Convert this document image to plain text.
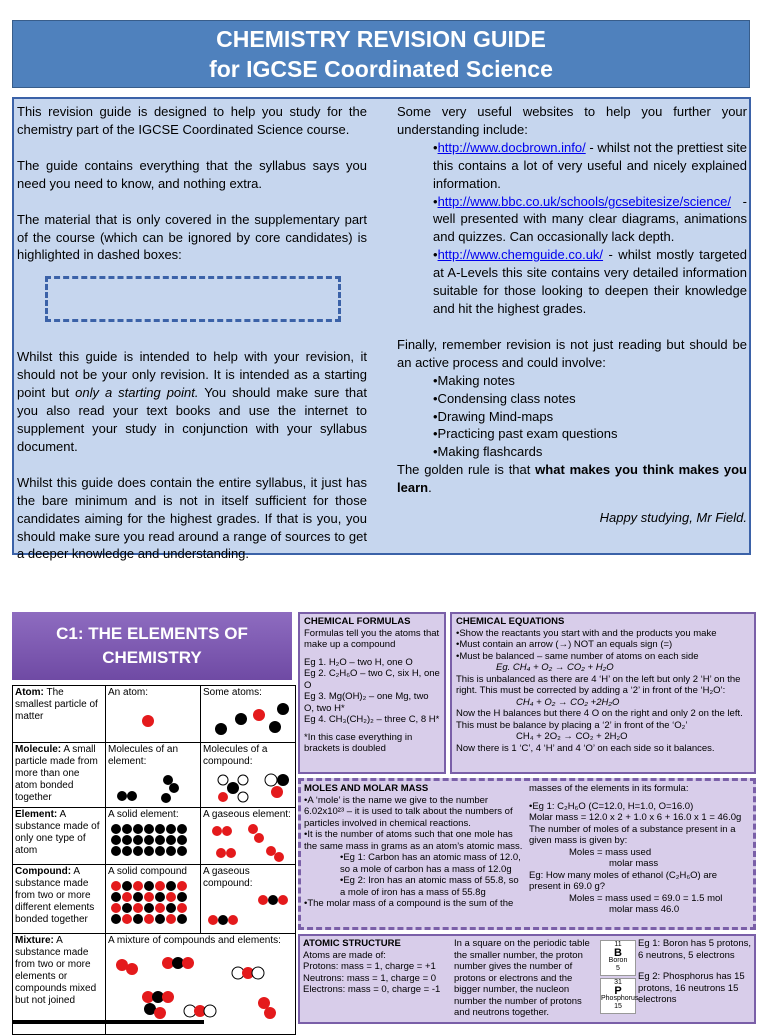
CHEMISTRY REVISION GUIDE
for IGCSE Coordinated Science

This revision guide is designed to help you study for the chemistry part of the IGCSE Coordinated Science course.

The guide contains everything that the syllabus says you need you need to know, and nothing extra.

The material that is only covered in the supplementary part of the course (which can be ignored by core candidates) is highlighted in dashed boxes:

Whilst this guide is intended to help with your revision, it should not be your only revision. It is intended as a starting point but only a starting point. You should make sure that you also read your text books and use the internet to supplement your study in conjunction with your syllabus document.

Whilst this guide does contain the entire syllabus, it just has the bare minimum and is not in itself sufficient for those candidates aiming for the highest grades. If that is you, you should make sure you read around a range of sources to get a deeper knowledge and understanding.

Some very useful websites to help you further your understanding include:

•http://www.docbrown.info/ - whilst not the prettiest site this contains a lot of very useful and nicely explained information.
•http://www.bbc.co.uk/schools/gcsebitesize/science/ - well presented with many clear diagrams, animations and quizzes. Can occasionally lack depth.
•http://www.chemguide.co.uk/ - whilst mostly targeted at A-Levels this site contains very detailed information suitable for those looking to deepen their knowledge and hit the highest grades.

Finally, remember revision is not just reading but should be an active process and could involve:

•Making notes
•Condensing class notes
•Drawing Mind-maps
•Practicing past exam questions
•Making flashcards
The golden rule is that what makes you think makes you learn.
Happy studying, Mr Field.
C1: THE ELEMENTS OF
CHEMISTRY
Atom: The smallest particle of matter	An atom:	Some atoms:

Molecule: A small particle made from more than one atom bonded together	Molecules of an element:	Molecules of a compound:

Element: A substance made of only one type of atom	A solid element:	A gaseous element:

Compound: A substance made from two or more different elements bonded together	A solid compound	A gaseous compound:

Mixture: A substance made from two or more elements or compounds mixed but not joined	A mixture of compounds and elements:	
CHEMICAL FORMULAS

Formulas tell you the atoms that make up a compound

Eg 1. H₂O – two H, one O

Eg 2. C₂H₆O – two C, six H, one O

Eg 3. Mg(OH)₂ – one Mg, two O, two H*

Eg 4. CH₃(CH₂)₂ – three C, 8 H*

*In this case everything in brackets is doubled

CHEMICAL EQUATIONS

•Show the reactants you start with and the products you make

•Must contain an arrow (→) NOT an equals sign (=)

•Must be balanced – same number of atoms on each side

Eg. CH₄ + O₂ → CO₂ + H₂O

This is unbalanced as there are 4 ‘H’ on the left but only 2 ‘H’ on the right. This must be corrected by adding a ‘2’ in front of the ‘H₂O’:

CH₄ + O₂ → CO₂ +2H₂O

Now the H balances but there 4 O on the right and only 2 on the left. This must be balance by placing a ‘2’ in front of the ‘O₂’

CH₄ + 2O₂ → CO₂ + 2H₂O

Now there is 1 ‘C’, 4 ‘H’ and 4 ‘O’ on each side so it balances.

MOLES AND MOLAR MASS

•A ‘mole’ is the name we give to the number 6.02x10²³ – it is used to talk about the numbers of particles involved in chemical reactions.

•It is the number of atoms such that one mole has the same mass in grams as an atom’s atomic mass.

•Eg 1: Carbon has an atomic mass of 12.0, so a mole of carbon has a mass of 12.0g

•Eg 2: Iron has an atomic mass of 55.8, so a mole of iron has a mass of 55.8g

•The molar mass of a compound is the sum of the

masses of the elements in its formula:

•Eg 1: C₂H₆O (C=12.0, H=1.0, O=16.0)

Molar mass = 12.0 x 2 + 1.0 x 6 + 16.0 x 1 = 46.0g

The number of moles of a substance present in a given mass is given by:

Moles = mass used

molar mass

Eg: How many moles of ethanol (C₂H₆O) are present in 69.0 g?

Moles = mass used = 69.0 = 1.5 mol

molar mass 46.0

ATOMIC STRUCTURE

Atoms are made of:

Protons: mass = 1, charge = +1

Neutrons: mass = 1, charge = 0

Electrons: mass = 0, charge = -1

In a square on the periodic table the smaller number, the proton number gives the number of protons or electrons and the bigger number, the nucleon number the number of protons and neutrons together.

Eg 1: Boron has 5 protons, 6 neutrons, 5 electrons

Eg 2: Phosphorus has 15 protons, 16 neutrons 15 electrons

11
B
Boron
5
31
P
Phosphorus
15
